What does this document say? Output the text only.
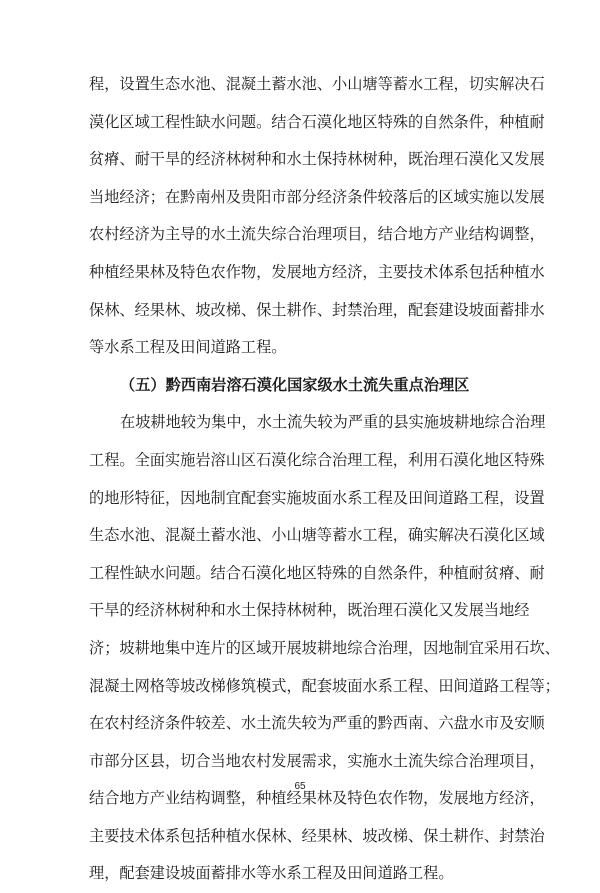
程，设置生态水池、混凝土蓄水池、小山塘等蓄水工程，切实解决石
漠化区域工程性缺水问题。结合石漠化地区特殊的自然条件，种植耐
贫瘠、耐干旱的经济林树种和水土保持林树种，既治理石漠化又发展
当地经济；在黔南州及贵阳市部分经济条件较落后的区域实施以发展
农村经济为主导的水土流失综合治理项目，结合地方产业结构调整，
种植经果林及特色农作物，发展地方经济，主要技术体系包括种植水
保林、经果林、坡改梯、保土耕作、封禁治理，配套建设坡面蓄排水
等水系工程及田间道路工程。
（五）黔西南岩溶石漠化国家级水土流失重点治理区
在坡耕地较为集中，水土流失较为严重的县实施坡耕地综合治理
工程。全面实施岩溶山区石漠化综合治理工程，利用石漠化地区特殊
的地形特征，因地制宜配套实施坡面水系工程及田间道路工程，设置
生态水池、混凝土蓄水池、小山塘等蓄水工程，确实解决石漠化区域
工程性缺水问题。结合石漠化地区特殊的自然条件，种植耐贫瘠、耐
干旱的经济林树种和水土保持林树种，既治理石漠化又发展当地经
济；坡耕地集中连片的区域开展坡耕地综合治理，因地制宜采用石坎、
混凝土网格等坡改梯修筑模式，配套坡面水系工程、田间道路工程等；
在农村经济条件较差、水土流失较为严重的黔西南、六盘水市及安顺
市部分区县，切合当地农村发展需求，实施水土流失综合治理项目，
结合地方产业结构调整，种植经果林及特色农作物，发展地方经济，
主要技术体系包括种植水保林、经果林、坡改梯、保土耕作、封禁治
理，配套建设坡面蓄排水等水系工程及田间道路工程。
65
